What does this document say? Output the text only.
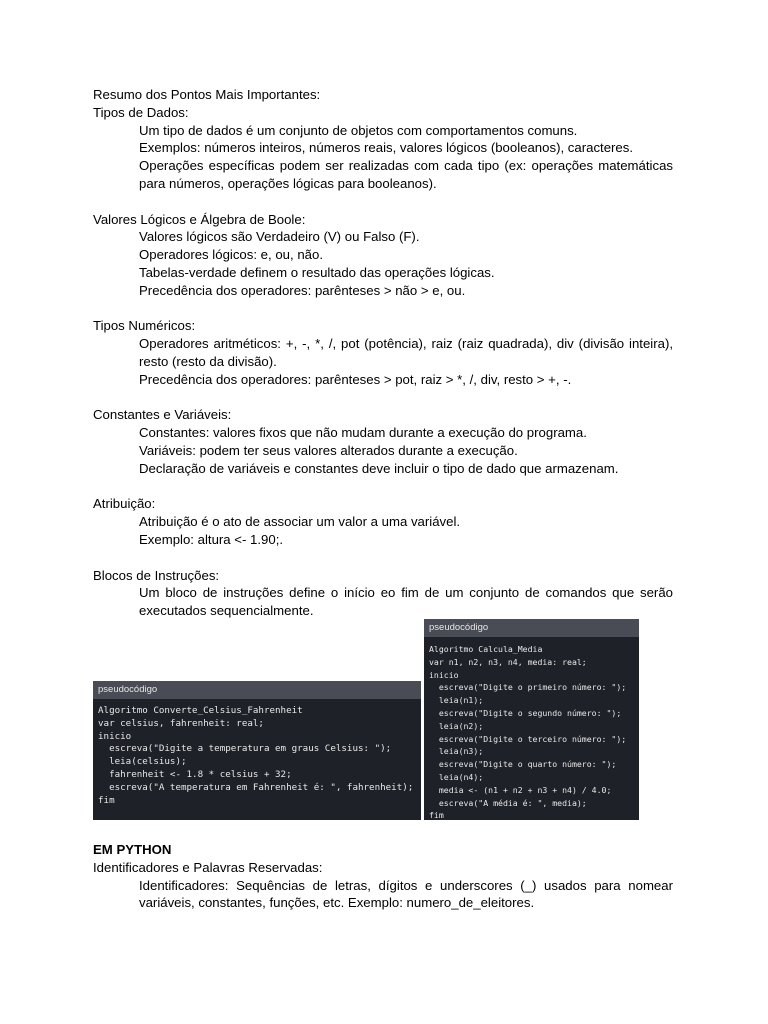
Resumo dos Pontos Mais Importantes:
Tipos de Dados:
Um tipo de dados é um conjunto de objetos com comportamentos comuns.
Exemplos: números inteiros, números reais, valores lógicos (booleanos), caracteres.
Operações específicas podem ser realizadas com cada tipo (ex: operações matemáticas para números, operações lógicas para booleanos).
Valores Lógicos e Álgebra de Boole:
Valores lógicos são Verdadeiro (V) ou Falso (F).
Operadores lógicos: e, ou, não.
Tabelas-verdade definem o resultado das operações lógicas.
Precedência dos operadores: parênteses > não > e, ou.
Tipos Numéricos:
Operadores aritméticos: +, -, *, /, pot (potência), raiz (raiz quadrada), div (divisão inteira), resto (resto da divisão).
Precedência dos operadores: parênteses > pot, raiz > *, /, div, resto > +, -.
Constantes e Variáveis:
Constantes: valores fixos que não mudam durante a execução do programa.
Variáveis: podem ter seus valores alterados durante a execução.
Declaração de variáveis e constantes deve incluir o tipo de dado que armazenam.
Atribuição:
Atribuição é o ato de associar um valor a uma variável.
Exemplo: altura <- 1.90;.
Blocos de Instruções:
Um bloco de instruções define o início eo fim de um conjunto de comandos que serão executados sequencialmente.
pseudocódigo
Algoritmo Converte_Celsius_Fahrenheit
var celsius, fahrenheit: real;
inicio
escreva("Digite a temperatura em graus Celsius: ");
leia(celsius);
fahrenheit <- 1.8 * celsius + 32;
escreva("A temperatura em Fahrenheit é: ", fahrenheit);
fim
pseudocódigo
Algoritmo Calcula_Media
var n1, n2, n3, n4, media: real;
inicio
escreva("Digite o primeiro número: ");
leia(n1);
escreva("Digite o segundo número: ");
leia(n2);
escreva("Digite o terceiro número: ");
leia(n3);
escreva("Digite o quarto número: ");
leia(n4);
media <- (n1 + n2 + n3 + n4) / 4.0;
escreva("A média é: ", media);
fim
EM PYTHON
Identificadores e Palavras Reservadas:
Identificadores: Sequências de letras, dígitos e underscores (_) usados para nomear variáveis, constantes, funções, etc. Exemplo: numero_de_eleitores.
